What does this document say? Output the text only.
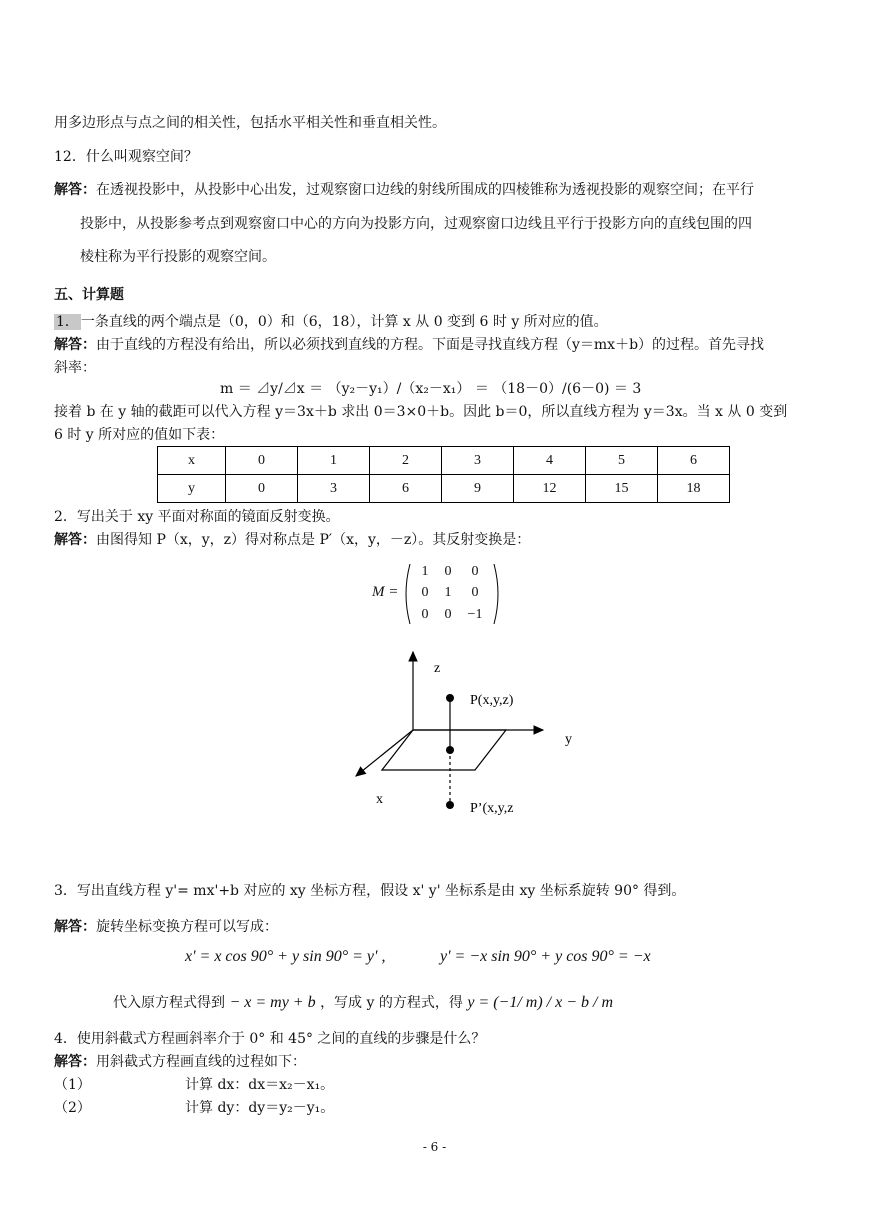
用多边形点与点之间的相关性，包括水平相关性和垂直相关性。
12．什么叫观察空间？
解答：在透视投影中，从投影中心出发，过观察窗口边线的射线所围成的四棱锥称为透视投影的观察空间；在平行
投影中，从投影参考点到观察窗口中心的方向为投影方向，过观察窗口边线且平行于投影方向的直线包围的四
棱柱称为平行投影的观察空间。
五、计算题
1． 一条直线的两个端点是（0，0）和（6，18），计算 x 从 0 变到 6 时 y 所对应的值。
解答：由于直线的方程没有给出，所以必须找到直线的方程。下面是寻找直线方程（y＝mx＋b）的过程。首先寻找
斜率：
m ＝ ⊿y/⊿x ＝ （y₂－y₁）/（x₂－x₁） ＝ （18－0）/(6－0) ＝ 3
接着 b 在 y 轴的截距可以代入方程 y＝3x＋b 求出 0＝3×0＋b。因此 b＝0，所以直线方程为 y＝3x。当 x 从 0 变到
6 时 y 所对应的值如下表：
x	0	1	2	3	4	5	6
y	0	3	6	9	12	15	18
2．写出关于 xy 平面对称面的镜面反射变换。
解答：由图得知 P（x，y，z）得对称点是 P′（x，y，－z）。其反射变换是：
M =
1	0	0
0	1	0
0	0	−1
z
y
x
P(x,y,z)
P’(x,y,z
3．写出直线方程 y'= mx'+b 对应的 xy 坐标方程，假设 x' y' 坐标系是由 xy 坐标系旋转 90° 得到。
解答：旋转坐标变换方程可以写成：
x' = x cos 90° + y sin 90° = y' ,	y' = −x sin 90° + y cos 90° = −x
代入原方程式得到 − x = my + b ，写成 y 的方程式，得 y = (−1/ m) / x − b / m
4．使用斜截式方程画斜率介于 0° 和 45° 之间的直线的步骤是什么？
解答：用斜截式方程画直线的过程如下：
（1）	计算 dx：dx＝x₂－x₁。
（2）	计算 dy：dy＝y₂－y₁。
- 6 -
